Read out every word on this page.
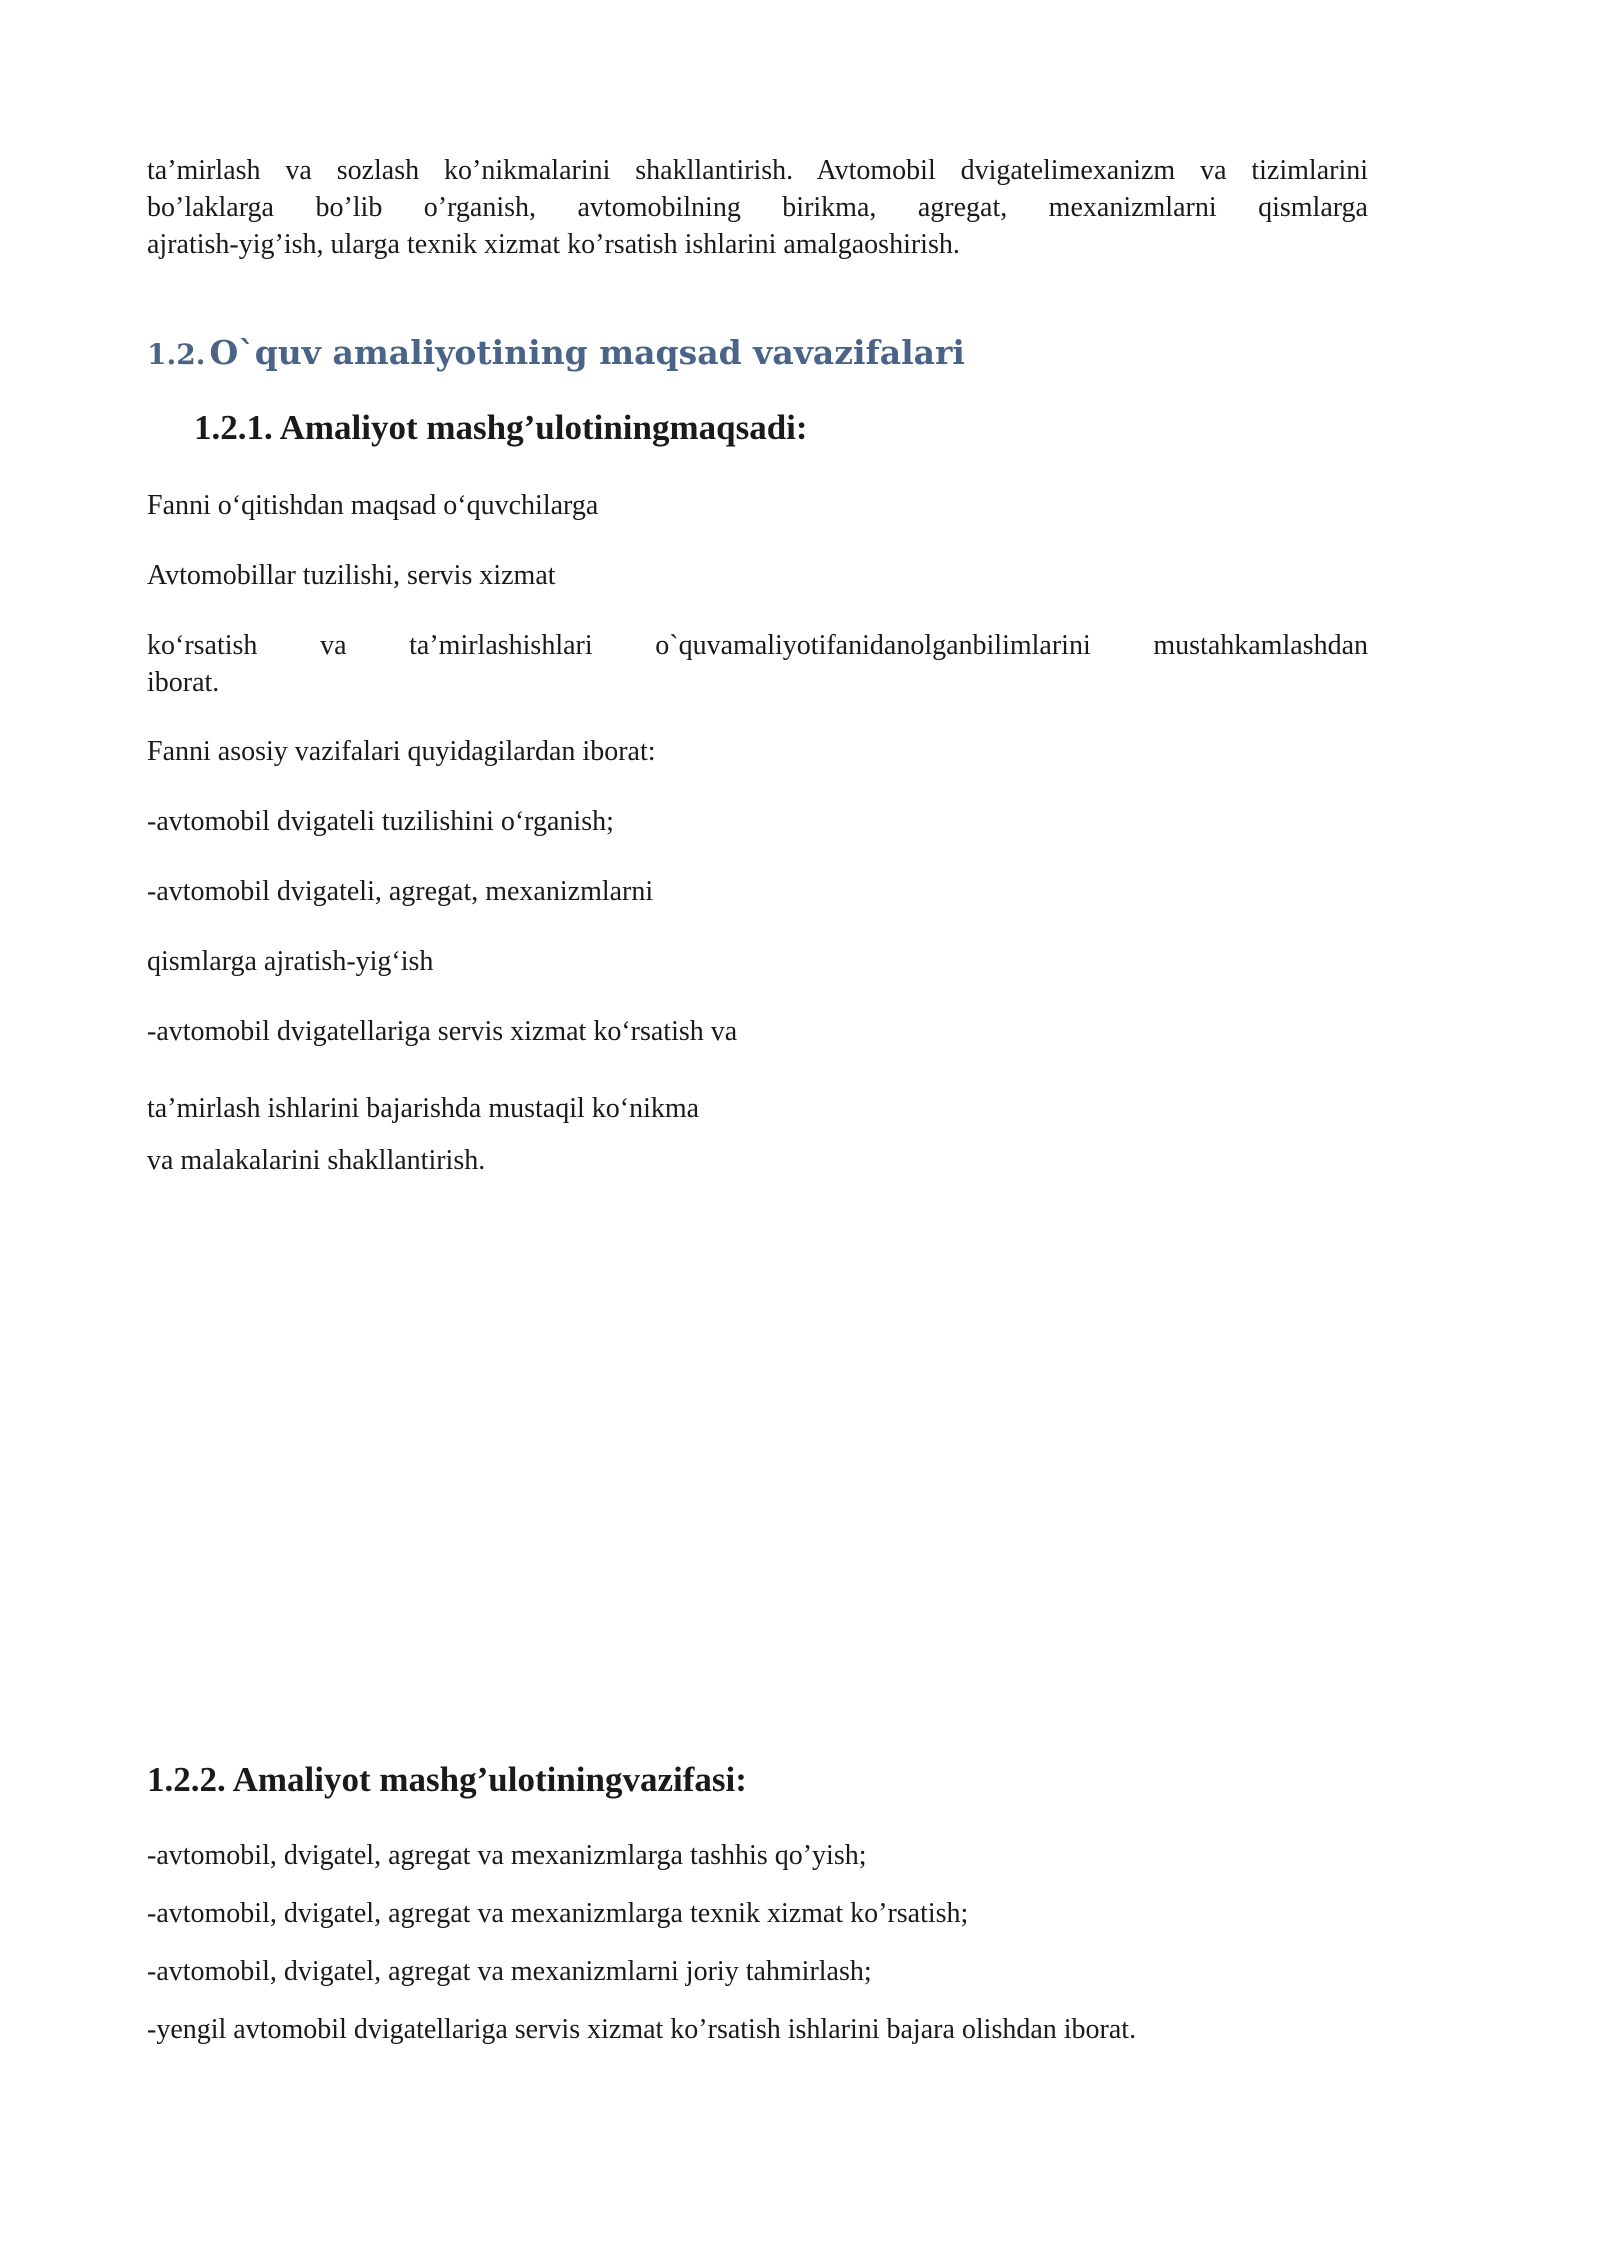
ta’mirlash va sozlash ko’nikmalarini shakllantirish. Avtomobil dvigatelimexanizm va tizimlarini
bo’laklarga bo’lib o’rganish, avtomobilning birikma, agregat, mexanizmlarni qismlarga
ajratish-yig’ish, ularga texnik xizmat ko’rsatish ishlarini amalgaoshirish.
1.2. O`quv amaliyotining maqsad vavazifalari
1.2.1. Amaliyot mashg’ulotiningmaqsadi:

Fanni o‘qitishdan maqsad o‘quvchilarga

Avtomobillar tuzilishi, servis xizmat

ko‘rsatish va ta’mirlashishlari o`quvamaliyotifanidanolganbilimlarini mustahkamlashdan
iborat.

Fanni asosiy vazifalari quyidagilardan iborat:

-avtomobil dvigateli tuzilishini o‘rganish;

-avtomobil dvigateli, agregat, mexanizmlarni

qismlarga ajratish-yig‘ish

-avtomobil dvigatellariga servis xizmat ko‘rsatish va

ta’mirlash ishlarini bajarishda mustaqil ko‘nikma
va malakalarini shakllantirish.
1.2.2. Amaliyot mashg’ulotiningvazifasi:

-avtomobil, dvigatel, agregat va mexanizmlarga tashhis qo’yish;

-avtomobil, dvigatel, agregat va mexanizmlarga texnik xizmat ko’rsatish;

-avtomobil, dvigatel, agregat va mexanizmlarni joriy tahmirlash;

-yengil avtomobil dvigatellariga servis xizmat ko’rsatish ishlarini bajara olishdan iborat.
